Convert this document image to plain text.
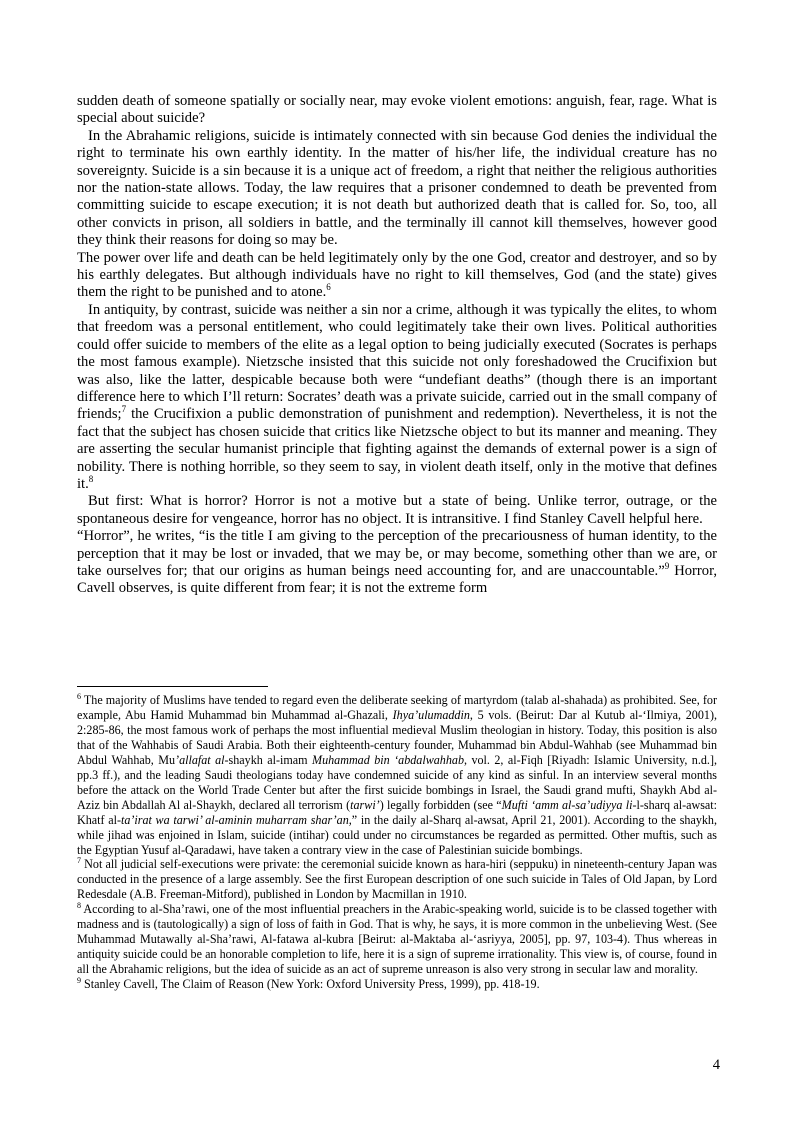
sudden death of someone spatially or socially near, may evoke violent emotions: anguish, fear, rage. What is special about suicide?

In the Abrahamic religions, suicide is intimately connected with sin because God denies the individual the right to terminate his own earthly identity. In the matter of his/her life, the individual creature has no sovereignty. Suicide is a sin because it is a unique act of freedom, a right that neither the religious authorities nor the nation-state allows. Today, the law requires that a prisoner condemned to death be prevented from committing suicide to escape execution; it is not death but authorized death that is called for. So, too, all other convicts in prison, all soldiers in battle, and the terminally ill cannot kill themselves, however good they think their reasons for doing so may be.

The power over life and death can be held legitimately only by the one God, creator and destroyer, and so by his earthly delegates. But although individuals have no right to kill themselves, God (and the state) gives them the right to be punished and to atone.$^6$

In antiquity, by contrast, suicide was neither a sin nor a crime, although it was typically the elites, to whom that freedom was a personal entitlement, who could legitimately take their own lives. Political authorities could offer suicide to members of the elite as a legal option to being judicially executed (Socrates is perhaps the most famous example). Nietzsche insisted that this suicide not only foreshadowed the Crucifixion but was also, like the latter, despicable because both were “undefiant deaths” (though there is an important difference here to which I’ll return: Socrates’ death was a private suicide, carried out in the small company of friends;$^7$ the Crucifixion a public demonstration of punishment and redemption). Nevertheless, it is not the fact that the subject has chosen suicide that critics like Nietzsche object to but its manner and meaning. They are asserting the secular humanist principle that fighting against the demands of external power is a sign of nobility. There is nothing horrible, so they seem to say, in violent death itself, only in the motive that defines it.$^8$

But first: What is horror? Horror is not a motive but a state of being. Unlike terror, outrage, or the spontaneous desire for vengeance, horror has no object. It is intransitive. I find Stanley Cavell helpful here.

“Horror”, he writes, “is the title I am giving to the perception of the precariousness of human identity, to the perception that it may be lost or invaded, that we may be, or may become, something other than we are, or take ourselves for; that our origins as human beings need accounting for, and are unaccountable.”$^9$ Horror, Cavell observes, is quite different from fear; it is not the extreme form

$^6$ The majority of Muslims have tended to regard even the deliberate seeking of martyrdom (talab al-shahada) as prohibited. See, for example, Abu Hamid Muhammad bin Muhammad al-Ghazali, Ihya’ulumaddin, 5 vols. (Beirut: Dar al Kutub al-‘Ilmiya, 2001), 2:285-86, the most famous work of perhaps the most influential medieval Muslim theologian in history. Today, this position is also that of the Wahhabis of Saudi Arabia. Both their eighteenth-century founder, Muhammad bin Abdul-Wahhab (see Muhammad bin Abdul Wahhab, Mu’allafat al-shaykh al-imam Muhammad bin ‘abdalwahhab, vol. 2, al-Fiqh [Riyadh: Islamic University, n.d.], pp.3 ff.), and the leading Saudi theologians today have condemned suicide of any kind as sinful. In an interview several months before the attack on the World Trade Center but after the first suicide bombings in Israel, the Saudi grand mufti, Shaykh Abd al-Aziz bin Abdallah Al al-Shaykh, declared all terrorism (tarwi’) legally forbidden (see “Mufti ‘amm al-sa’udiyya li-l-sharq al-awsat: Khatf al-ta’irat wa tarwi’ al-aminin muharram shar’an,” in the daily al-Sharq al-awsat, April 21, 2001). According to the shaykh, while jihad was enjoined in Islam, suicide (intihar) could under no circumstances be regarded as permitted. Other muftis, such as the Egyptian Yusuf al-Qaradawi, have taken a contrary view in the case of Palestinian suicide bombings.

$^7$ Not all judicial self-executions were private: the ceremonial suicide known as hara-hiri (seppuku) in nineteenth-century Japan was conducted in the presence of a large assembly. See the first European description of one such suicide in Tales of Old Japan, by Lord Redesdale (A.B. Freeman-Mitford), published in London by Macmillan in 1910.

$^8$ According to al-Sha’rawi, one of the most influential preachers in the Arabic-speaking world, suicide is to be classed together with madness and is (tautologically) a sign of loss of faith in God. That is why, he says, it is more common in the unbelieving West. (See Muhammad Mutawally al-Sha’rawi, Al-fatawa al-kubra [Beirut: al-Maktaba al-‘asriyya, 2005], pp. 97, 103-4). Thus whereas in antiquity suicide could be an honorable completion to life, here it is a sign of supreme irrationality. This view is, of course, found in all the Abrahamic religions, but the idea of suicide as an act of supreme unreason is also very strong in secular law and morality.

$^9$ Stanley Cavell, The Claim of Reason (New York: Oxford University Press, 1999), pp. 418-19.

4
